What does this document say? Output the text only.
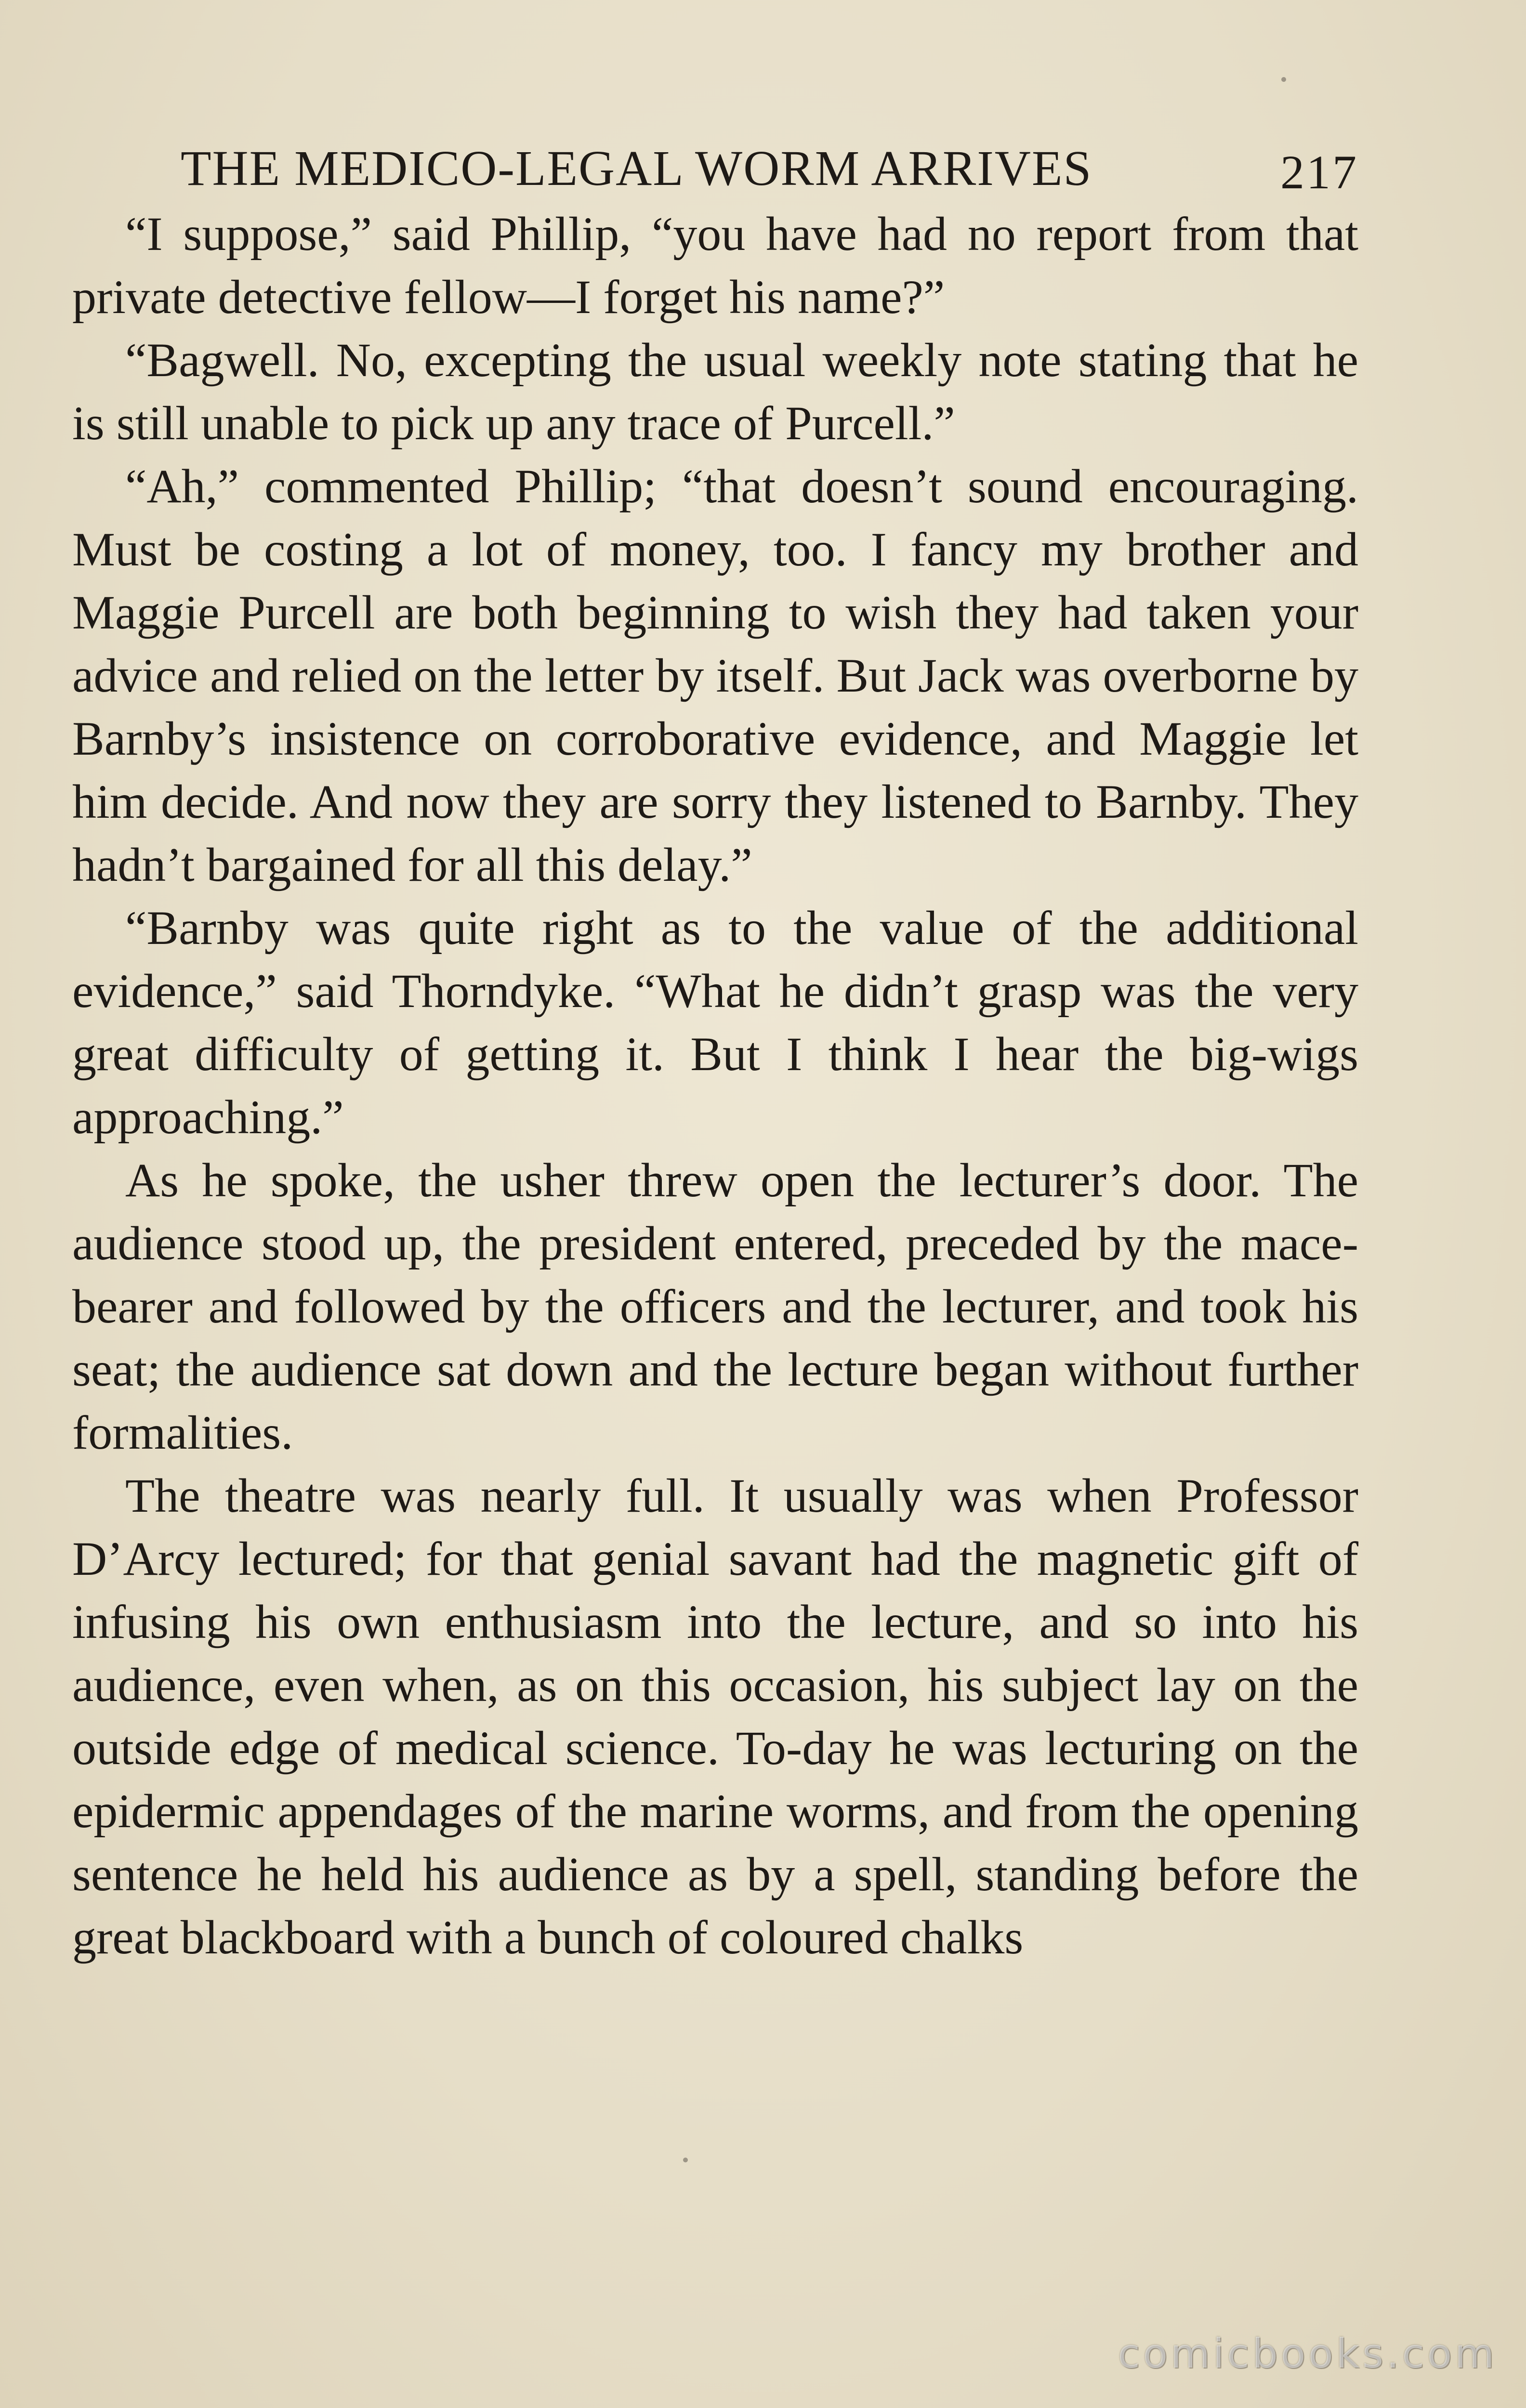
THE MEDICO-LEGAL WORM ARRIVES	217

“I suppose,” said Phillip, “you have had no report from that private detective fellow—I forget his name?”

“Bagwell. No, excepting the usual weekly note stating that he is still unable to pick up any trace of Purcell.”

“Ah,” commented Phillip; “that doesn’t sound encouraging. Must be costing a lot of money, too. I fancy my brother and Maggie Purcell are both beginning to wish they had taken your advice and relied on the letter by itself. But Jack was overborne by Barnby’s insistence on corroborative evidence, and Maggie let him decide. And now they are sorry they listened to Barnby. They hadn’t bargained for all this delay.”

“Barnby was quite right as to the value of the additional evidence,” said Thorndyke. “What he didn’t grasp was the very great difficulty of getting it. But I think I hear the big-wigs approaching.”

As he spoke, the usher threw open the lecturer’s door. The audience stood up, the president entered, preceded by the mace-bearer and followed by the officers and the lecturer, and took his seat; the audience sat down and the lecture began without further formalities.

The theatre was nearly full. It usually was when Professor D’Arcy lectured; for that genial savant had the magnetic gift of infusing his own enthusiasm into the lecture, and so into his audience, even when, as on this occasion, his subject lay on the outside edge of medical science. To-day he was lecturing on the epidermic appendages of the marine worms, and from the opening sentence he held his audience as by a spell, standing before the great blackboard with a bunch of coloured chalks

comicbooks.com
